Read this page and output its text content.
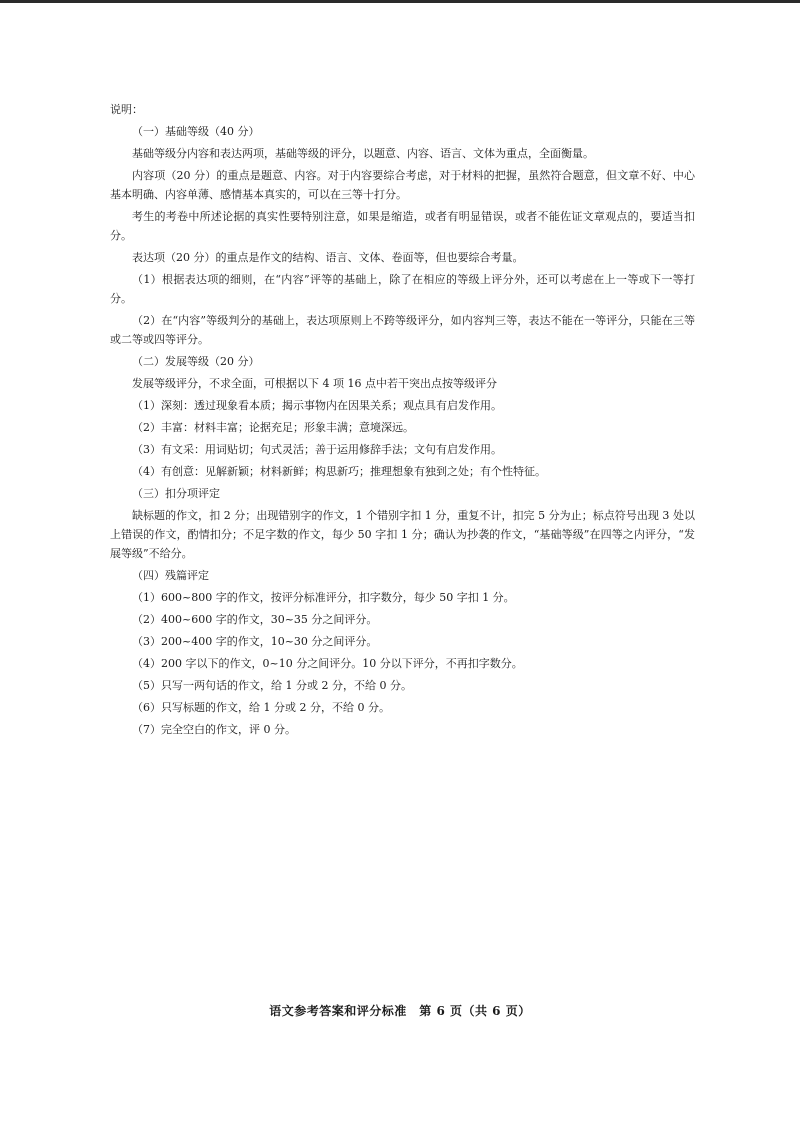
说明：

（一）基础等级（40 分）

基础等级分内容和表达两项，基础等级的评分，以题意、内容、语言、文体为重点，全面衡量。

内容项（20 分）的重点是题意、内容。对于内容要综合考虑，对于材料的把握，虽然符合题意，但文章不好、中心基本明确、内容单薄、感情基本真实的，可以在三等十打分。

考生的考卷中所述论据的真实性要特别注意，如果是缩造，或者有明显错误，或者不能佐证文章观点的，要适当扣分。

表达项（20 分）的重点是作文的结构、语言、文体、卷面等，但也要综合考量。

（1）根据表达项的细则，在“内容”评等的基础上，除了在相应的等级上评分外，还可以考虑在上一等或下一等打分。

（2）在“内容”等级判分的基础上，表达项原则上不跨等级评分，如内容判三等，表达不能在一等评分，只能在三等或二等或四等评分。

（二）发展等级（20 分）

发展等级评分，不求全面，可根据以下 4 项 16 点中若干突出点按等级评分

（1）深刻：透过现象看本质；揭示事物内在因果关系；观点具有启发作用。

（2）丰富：材料丰富；论据充足；形象丰满；意境深远。

（3）有文采：用词贴切；句式灵活；善于运用修辞手法；文句有启发作用。

（4）有创意：见解新颖；材料新鲜；构思新巧；推理想象有独到之处；有个性特征。

（三）扣分项评定

缺标题的作文，扣 2 分；出现错别字的作文，1 个错别字扣 1 分，重复不计，扣完 5 分为止；标点符号出现 3 处以上错误的作文，酌情扣分；不足字数的作文，每少 50 字扣 1 分；确认为抄袭的作文，“基础等级”在四等之内评分，“发展等级”不给分。

（四）残篇评定

（1）600~800 字的作文，按评分标准评分，扣字数分，每少 50 字扣 1 分。

（2）400~600 字的作文，30~35 分之间评分。

（3）200~400 字的作文，10~30 分之间评分。

（4）200 字以下的作文，0~10 分之间评分。10 分以下评分，不再扣字数分。

（5）只写一两句话的作文，给 1 分或 2 分，不给 0 分。

（6）只写标题的作文，给 1 分或 2 分，不给 0 分。

（7）完全空白的作文，评 0 分。

语文参考答案和评分标准　第 6 页（共 6 页）
